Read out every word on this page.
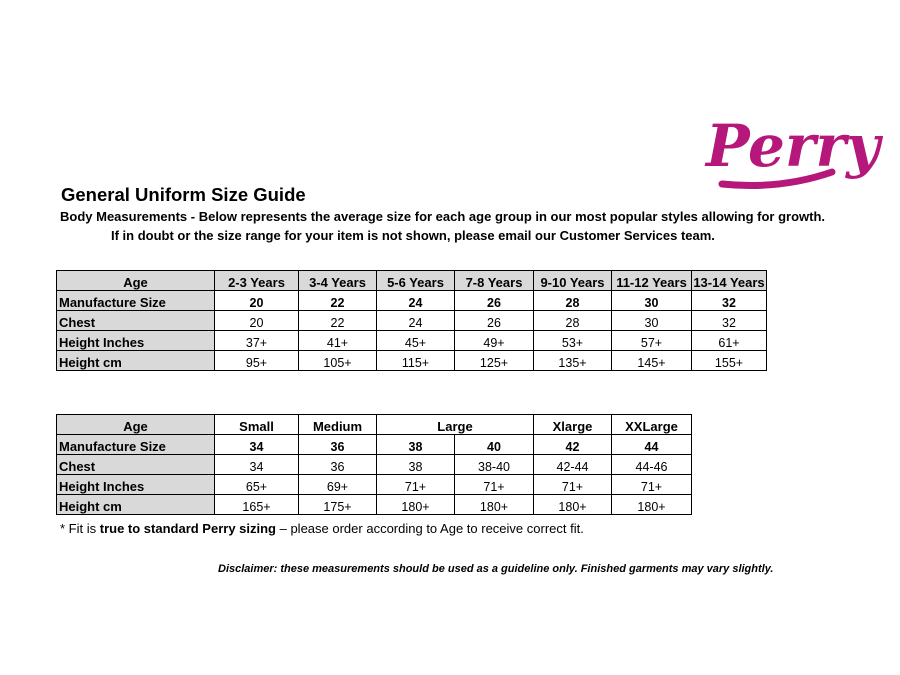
Perry
General Uniform Size Guide
Body Measurements - Below represents the average size for each age group in our most popular styles allowing for growth.
If in doubt or the size range for your item is not shown, please email our Customer Services team.
Age	2-3 Years	3-4 Years	5-6 Years	7-8 Years	9-10 Years	11-12 Years	13-14 Years
Manufacture Size	20	22	24	26	28	30	32
Chest	20	22	24	26	28	30	32
Height Inches	37+	41+	45+	49+	53+	57+	61+
Height cm	95+	105+	115+	125+	135+	145+	155+
Age	Small	Medium	Large		Xlarge	XXLarge
Manufacture Size	34	36	38	40	42	44
Chest	34	36	38	38-40	42-44	44-46
Height Inches	65+	69+	71+	71+	71+	71+
Height cm	165+	175+	180+	180+	180+	180+
* Fit is true to standard Perry sizing – please order according to Age to receive correct fit.
Disclaimer: these measurements should be used as a guideline only. Finished garments may vary slightly.
